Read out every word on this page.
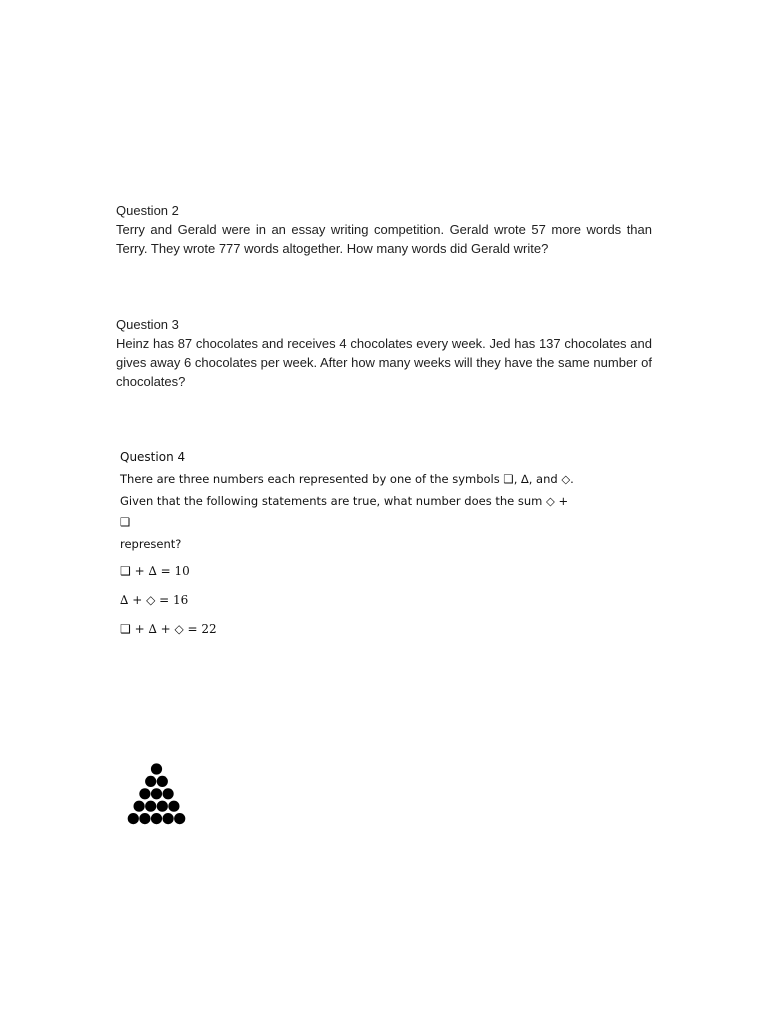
Question 2

Terry and Gerald were in an essay writing competition. Gerald wrote 57 more words than Terry. They wrote 777 words altogether. How many words did Gerald write?

Question 3

Heinz has 87 chocolates and receives 4 chocolates every week. Jed has 137 chocolates and gives away 6 chocolates per week. After how many weeks will they have the same number of chocolates?

Question 4

There are three numbers each represented by one of the symbols ❑, ∆, and ◇.

Given that the following statements are true, what number does the sum ◇ + ❑

represent?

❑ + ∆ = 10

∆ + ◇ = 16

❑ + ∆ + ◇ = 22
